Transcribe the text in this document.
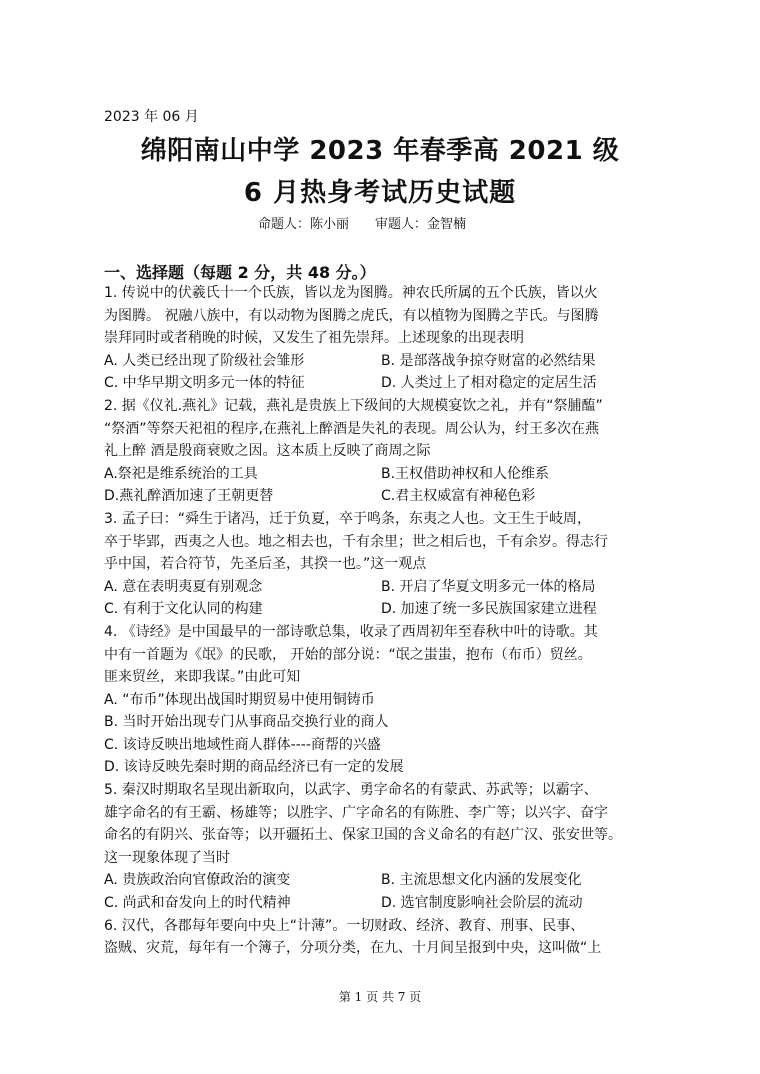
2023 年 06 月
绵阳南山中学 2023 年春季高 2021 级
6 月热身考试历史试题
命题人：陈小丽 审题人：金智楠
一、选择题（每题 2 分，共 48 分。）
1. 传说中的伏羲氏十一个氏族，皆以龙为图腾。神农氏所属的五个氏族，皆以火
为图腾。 祝融八族中，有以动物为图腾之虎氏，有以植物为图腾之芋氏。与图腾
崇拜同时或者稍晚的时候，又发生了祖先崇拜。上述现象的出现表明
A. 人类已经出现了阶级社会雏形	B. 是部落战争掠夺财富的必然结果
C. 中华早期文明多元一体的特征	D. 人类过上了相对稳定的定居生活
2. 据《仪礼.燕礼》记载，燕礼是贵族上下级间的大规模宴饮之礼，并有“祭脯醢”
“祭酒”等祭天祀祖的程序,在燕礼上醉酒是失礼的表现。周公认为，纣王多次在燕
礼上醉 酒是殷商衰败之因。这本质上反映了商周之际
A.祭祀是维系统治的工具	B.王权借助神权和人伦维系
D.燕礼醉酒加速了王朝更替	C.君主权威富有神秘色彩
3. 孟子曰：“舜生于诸冯，迁于负夏，卒于鸣条，东夷之人也。文王生于岐周，
卒于毕郢，西夷之人也。地之相去也，千有余里；世之相后也，千有余岁。得志行
乎中国，若合符节，先圣后圣，其揆一也。”这一观点
A. 意在表明夷夏有别观念	B. 开启了华夏文明多元一体的格局
C. 有利于文化认同的构建	D. 加速了统一多民族国家建立进程
4. 《诗经》是中国最早的一部诗歌总集，收录了西周初年至春秋中叶的诗歌。其
中有一首题为《氓》的民歌， 开始的部分说：“氓之蚩蚩，抱布（布币）贸丝。
匪来贸丝，来即我谋。”由此可知
A. “布币”体现出战国时期贸易中使用铜铸币
B. 当时开始出现专门从事商品交换行业的商人
C. 该诗反映出地域性商人群体----商帮的兴盛
D. 该诗反映先秦时期的商品经济已有一定的发展
5. 秦汉时期取名呈现出新取向，以武字、勇字命名的有蒙武、苏武等；以霸字、
雄字命名的有王霸、杨雄等；以胜字、广字命名的有陈胜、李广等；以兴字、奋字
命名的有阴兴、张奋等；以开疆拓土、保家卫国的含义命名的有赵广汉、张安世等。
这一现象体现了当时
A. 贵族政治向官僚政治的演变	B. 主流思想文化内涵的发展变化
C. 尚武和奋发向上的时代精神	D. 选官制度影响社会阶层的流动
6. 汉代，各郡每年要向中央上“计薄”。一切财政、经济、教育、刑事、民事、
盗贼、灾荒，每年有一个簿子，分项分类，在九、十月间呈报到中央，这叫做“上
第 1 页 共 7 页
